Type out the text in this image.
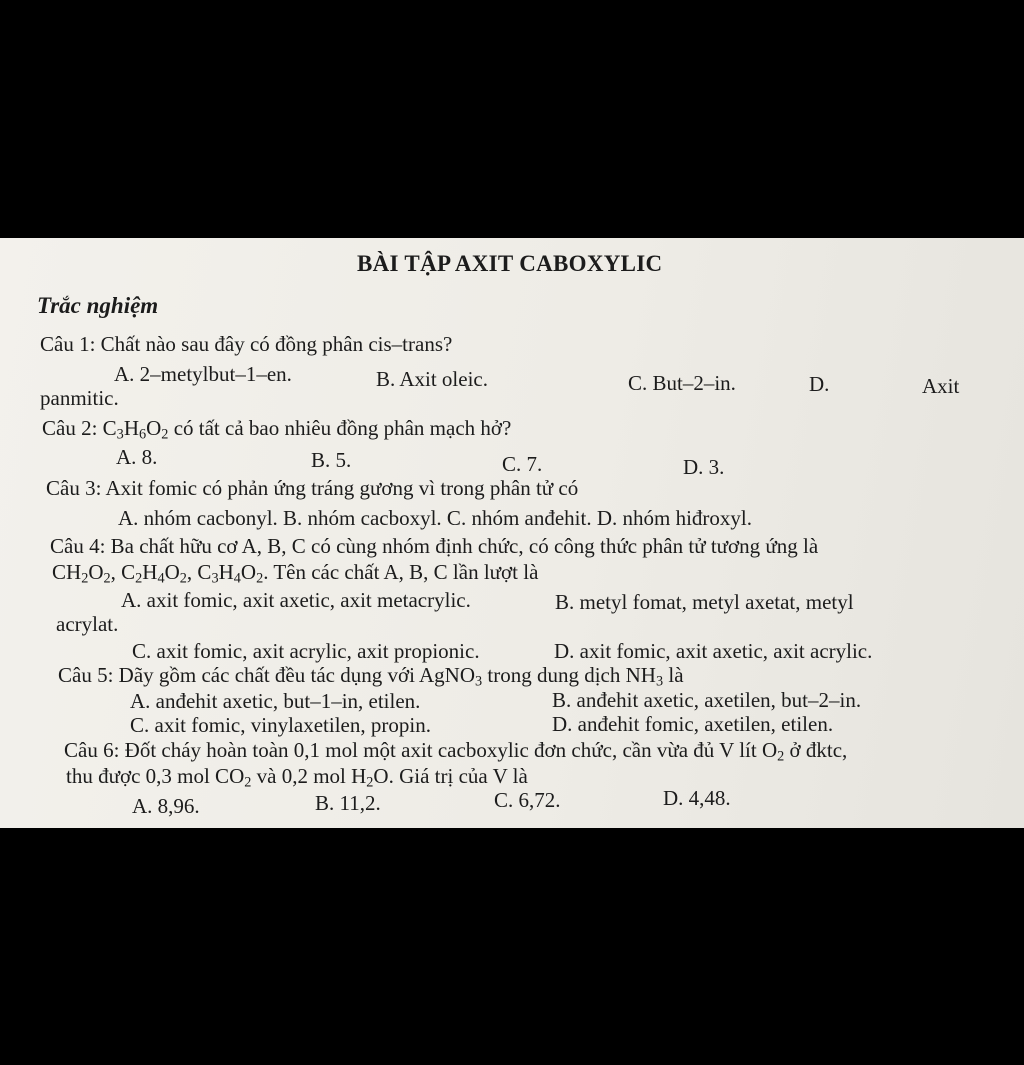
BÀI TẬP AXIT CABOXYLIC
Trắc nghiệm
Câu 1: Chất nào sau đây có đồng phân cis–trans?
A. 2–metylbut–1–en.	B. Axit oleic.	C. But–2–in.	D.	Axit
panmitic.
Câu 2: $C_3H_6O_2$ có tất cả bao nhiêu đồng phân mạch hở?
A. 8.	B. 5.	C. 7.	D. 3.
Câu 3: Axit fomic có phản ứng tráng gương vì trong phân tử có
A. nhóm cacbonyl. B. nhóm cacboxyl. C. nhóm anđehit. D. nhóm hiđroxyl.
Câu 4: Ba chất hữu cơ A, B, C có cùng nhóm định chức, có công thức phân tử tương ứng là
$CH_2O_2$, $C_2H_4O_2$, $C_3H_4O_2$. Tên các chất A, B, C lần lượt là
A. axit fomic, axit axetic, axit metacrylic.	B. metyl fomat, metyl axetat, metyl
acrylat.
C. axit fomic, axit acrylic, axit propionic.	D. axit fomic, axit axetic, axit acrylic.
Câu 5: Dãy gồm các chất đều tác dụng với AgNO$_3$ trong dung dịch $NH_3$ là
A. anđehit axetic, but–1–in, etilen.	B. anđehit axetic, axetilen, but–2–in.
C. axit fomic, vinylaxetilen, propin.	D. anđehit fomic, axetilen, etilen.
Câu 6: Đốt cháy hoàn toàn 0,1 mol một axit cacboxylic đơn chức, cần vừa đủ V lít $O_2$ ở đktc,
thu được 0,3 mol $CO_2$ và 0,2 mol $H_2O$. Giá trị của V là
A. 8,96.	B. 11,2.	C. 6,72.	D. 4,48.
